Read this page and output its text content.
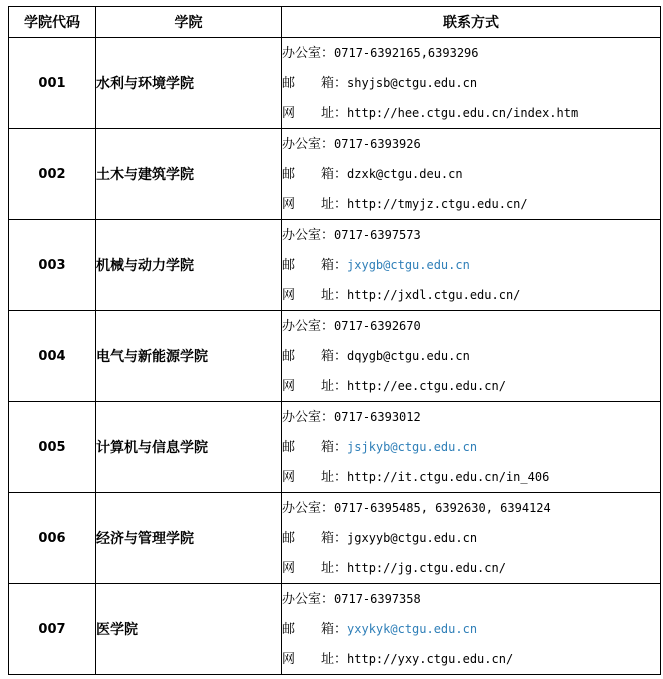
学院代码	学院	联系方式
001	水利与环境学院	办公室：0717-6392165,6393296
邮　　箱：shyjsb@ctgu.edu.cn
网　　址：http://hee.ctgu.edu.cn/index.htm

002	土木与建筑学院	办公室：0717-6393926
邮　　箱：dzxk@ctgu.deu.cn
网　　址：http://tmyjz.ctgu.edu.cn/

003	机械与动力学院	办公室：0717-6397573
邮　　箱：jxygb@ctgu.edu.cn
网　　址：http://jxdl.ctgu.edu.cn/

004	电气与新能源学院	办公室：0717-6392670
邮　　箱：dqygb@ctgu.edu.cn
网　　址：http://ee.ctgu.edu.cn/

005	计算机与信息学院	办公室：0717-6393012
邮　　箱：jsjkyb@ctgu.edu.cn
网　　址：http://it.ctgu.edu.cn/in_406

006	经济与管理学院	办公室：0717-6395485, 6392630, 6394124
邮　　箱：jgxyyb@ctgu.edu.cn
网　　址：http://jg.ctgu.edu.cn/

007	医学院	办公室：0717-6397358
邮　　箱：yxykyk@ctgu.edu.cn
网　　址：http://yxy.ctgu.edu.cn/
